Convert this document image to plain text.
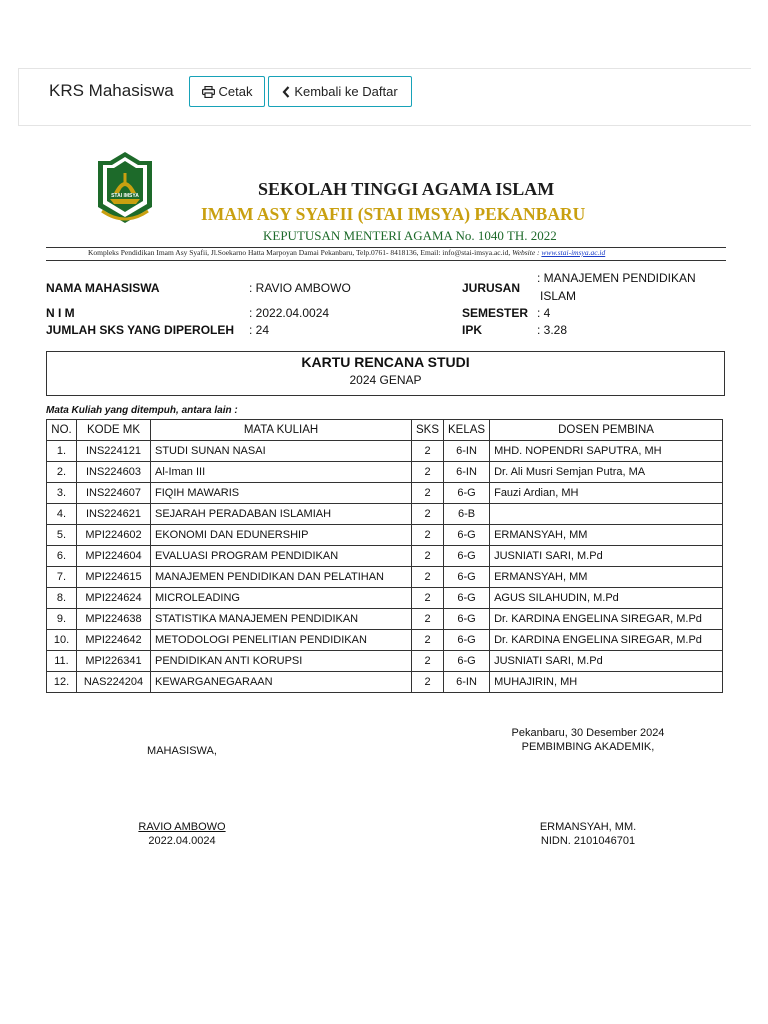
KRS Mahasiswa	Cetak	Kembali ke Daftar
STAI IMSYA	SEKOLAH TINGGI AGAMA ISLAM
IMAM ASY SYAFII (STAI IMSYA) PEKANBARU
KEPUTUSAN MENTERI AGAMA No. 1040 TH. 2022
Kompleks Pendidikan Imam Asy Syafii, Jl.Soekarno Hatta Marpoyan Damai Pekanbaru, Telp.0761- 8418136, Email: info@stai-imsya.ac.id, Website : www.stai-imsya.ac.id
NAMA MAHASISWA	: RAVIO AMBOWO
N I M	: 2022.04.0024
JUMLAH SKS YANG DIPEROLEH : 24
JURUSAN
: MANAJEMEN PENDIDIKAN
ISLAM
SEMESTER : 4
IPK	: 3.28
KARTU RENCANA STUDI
2024 GENAP
Mata Kuliah yang ditempuh, antara lain :
NO.	KODE MK	MATA KULIAH	SKS	KELAS	DOSEN PEMBINA
1.	INS224121	STUDI SUNAN NASAI	2	6-IN	MHD. NOPENDRI SAPUTRA, MH
2.	INS224603	Al-Iman III	2	6-IN	Dr. Ali Musri Semjan Putra, MA
3.	INS224607	FIQIH MAWARIS	2	6-G	Fauzi Ardian, MH
4.	INS224621	SEJARAH PERADABAN ISLAMIAH	2	6-B	
5.	MPI224602	EKONOMI DAN EDUNERSHIP	2	6-G	ERMANSYAH, MM
6.	MPI224604	EVALUASI PROGRAM PENDIDIKAN	2	6-G	JUSNIATI SARI, M.Pd
7.	MPI224615	MANAJEMEN PENDIDIKAN DAN PELATIHAN	2	6-G	ERMANSYAH, MM
8.	MPI224624	MICROLEADING	2	6-G	AGUS SILAHUDIN, M.Pd
9.	MPI224638	STATISTIKA MANAJEMEN PENDIDIKAN	2	6-G	Dr. KARDINA ENGELINA SIREGAR, M.Pd
10.	MPI224642	METODOLOGI PENELITIAN PENDIDIKAN	2	6-G	Dr. KARDINA ENGELINA SIREGAR, M.Pd
11.	MPI226341	PENDIDIKAN ANTI KORUPSI	2	6-G	JUSNIATI SARI, M.Pd
12.	NAS224204	KEWARGANEGARAAN	2	6-IN	MUHAJIRIN, MH
MAHASISWA,
RAVIO AMBOWO
2022.04.0024
Pekanbaru, 30 Desember 2024
PEMBIMBING AKADEMIK,
ERMANSYAH, MM.
NIDN. 2101046701
